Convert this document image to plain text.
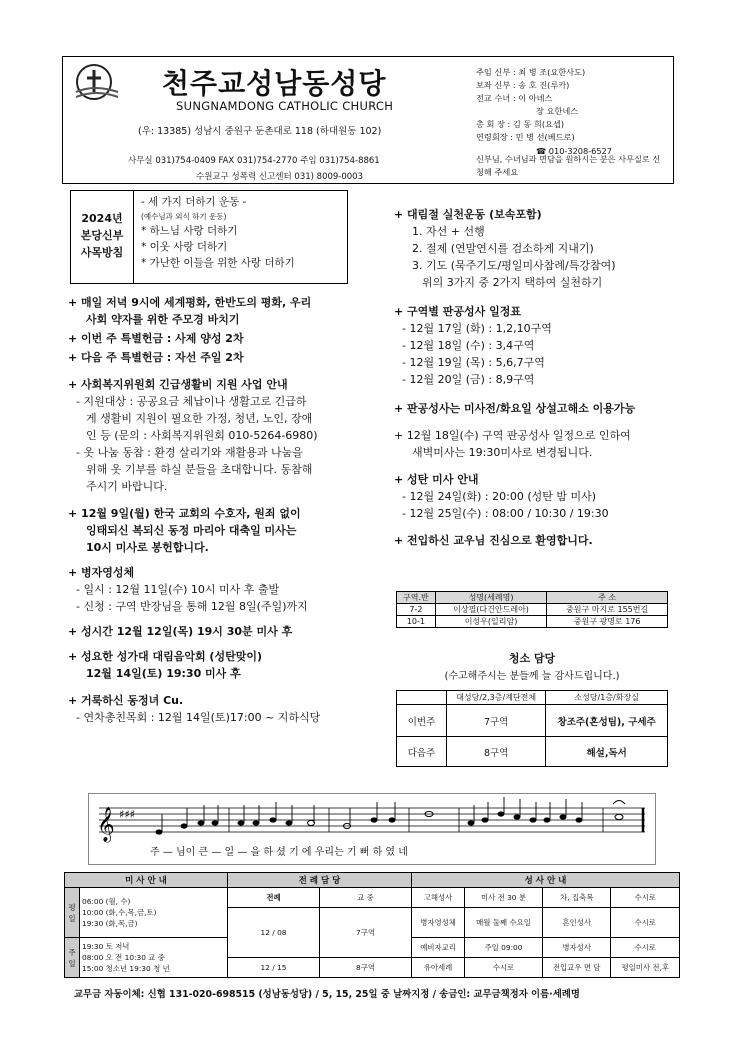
천주교성남동성당
SUNGNAMDONG CATHOLIC CHURCH
(우: 13385) 성남시 중원구 둔촌대로 118 (하대원동 102)
사무실 031)754-0409 FAX 031)754-2770 주임 031)754-8861
수원교구 성폭력 신고센터 031) 8009-0003
주임 신부 : 최 병 조(요한사도)
보좌 신부 : 송 호 진(루카)
전교 수녀 : 이 아녜스
장 요한네스
총 회 장 : 김 동 희(요셉)
연령회장 : 민 병 선(베드로)
☎ 010-3208-6527
신부님, 수녀님과 면담을 원하시는 분은 사무실로 신청해 주세요
2024년
본당신부
사목방침
- 세 가지 더하기 운동 -
(예수님과 외식 하기 운동)
* 하느님 사랑 더하기
* 이웃 사랑 더하기
* 가난한 이들을 위한 사랑 더하기
+ 매일 저녁 9시에 세계평화, 한반도의 평화, 우리
사회 약자를 위한 주모경 바치기
+ 이번 주 특별헌금 : 사제 양성 2차
+ 다음 주 특별헌금 : 자선 주일 2차
+ 사회복지위원회 긴급생활비 지원 사업 안내
- 지원대상 : 공공요금 체납이나 생활고로 긴급하
게 생활비 지원이 필요한 가정, 청년, 노인, 장애
인 등 (문의 : 사회복지위원회 010-5264-6980)
- 옷 나눔 동참 : 환경 살리기와 재활용과 나눔을
위해 옷 기부를 하실 분들을 초대합니다. 동참해
주시기 바랍니다.
+ 12월 9일(월) 한국 교회의 수호자, 원죄 없이
잉태되신 복되신 동정 마리아 대축일 미사는
10시 미사로 봉헌합니다.
+ 병자영성체
- 일시 : 12월 11일(수) 10시 미사 후 출발
- 신청 : 구역 반장님을 통해 12월 8일(주일)까지
+ 성시간 12월 12일(목) 19시 30분 미사 후
+ 성요한 성가대 대림음악회 (성탄맞이)
12월 14일(토) 19:30 미사 후
+ 거룩하신 동정녀 Cu.
- 연차총친목회 : 12월 14일(토)17:00 ~ 지하식당
+ 대림절 실천운동 (보속포함)
1. 자선 + 선행
2. 절제 (연말연시를 검소하게 지내기)
3. 기도 (묵주기도/평일미사참례/특강참여)
위의 3가지 중 2가지 택하여 실천하기
+ 구역별 판공성사 일정표
- 12월 17일 (화) : 1,2,10구역
- 12월 18일 (수) : 3,4구역
- 12월 19일 (목) : 5,6,7구역
- 12월 20일 (금) : 8,9구역
+ 판공성사는 미사전/화요일 상설고해소 이용가능
+ 12월 18일(수) 구역 판공성사 일정으로 인하여
새벽미사는 19:30미사로 변경됩니다.
+ 성탄 미사 안내
- 12월 24일(화) : 20:00 (성탄 밤 미사)
- 12월 25일(수) : 08:00 / 10:30 / 19:30
+ 전입하신 교우님 진심으로 환영합니다.
구역.반	성명(세례명)	주 소
7-2	이상필(다건안드레아)	중원구 마지로 155번길
10-1	이성우(일리암)	중원구 광명로 176
청소 담당
(수고해주시는 분들께 늘 감사드립니다.)
	대성당/2,3층/계단전체	소성당/1층/화장실
이번주	7구역	창조주(혼성팀), 구세주
다음주	8구역	해설,독서
𝄞 ♯♯♯
주 — 님이 큰 — 일 — 을 하 셨 기 에 우리는 기 뻐 하 였 네
미 사 안 내		전 례 담 당		성 사 안 내			
평일	06:00 (월, 수)
10:00 (화,수,목,금,토)
19:30 (화,목,금)	전례	교 중	고해성사	미사 전 30 분	차, 집축복	수시로
		12 / 08	7구역	병자영성체	매월 둘째 수요일	혼인성사	수시로
주일	19:30 토 저녁
08:00 오 전 10:30 교 중
15:00 청소년 19:30 청 년			예비자교리	주일 09:00	병자성사	수시로
		12 / 15	8구역	유아세례	수시로	전입교우 면 담	평일미사 전,후
교무금 자동이체: 신협 131-020-698515 (성남동성당) / 5, 15, 25일 중 날짜지정 / 송금인: 교무금책정자 이름·세례명
